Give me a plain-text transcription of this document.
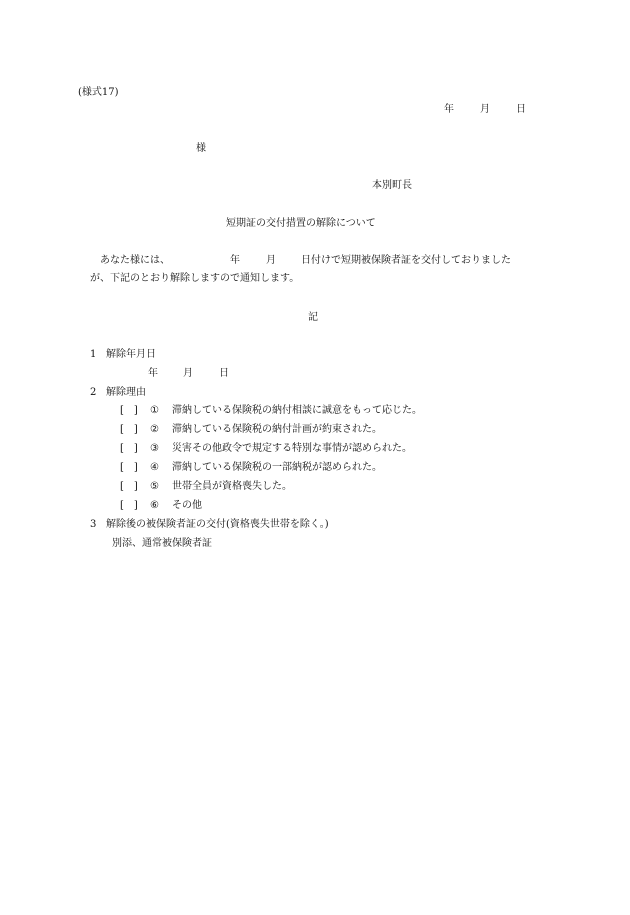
(様式17)
年	月	日
様
本別町長
短期証の交付措置の解除について
あなた様には、	年	月	日付けで短期被保険者証を交付しておりました
が、下記のとおり解除しますので通知します。
記
1 解除年月日
年	月	日
2 解除理由
[　] ① 滞納している保険税の納付相談に誠意をもって応じた。
[　] ② 滞納している保険税の納付計画が約束された。
[　] ③ 災害その他政令で規定する特別な事情が認められた。
[　] ④ 滞納している保険税の一部納税が認められた。
[　] ⑤ 世帯全員が資格喪失した。
[　] ⑥ その他
3 解除後の被保険者証の交付(資格喪失世帯を除く。)
別添、通常被保険者証
